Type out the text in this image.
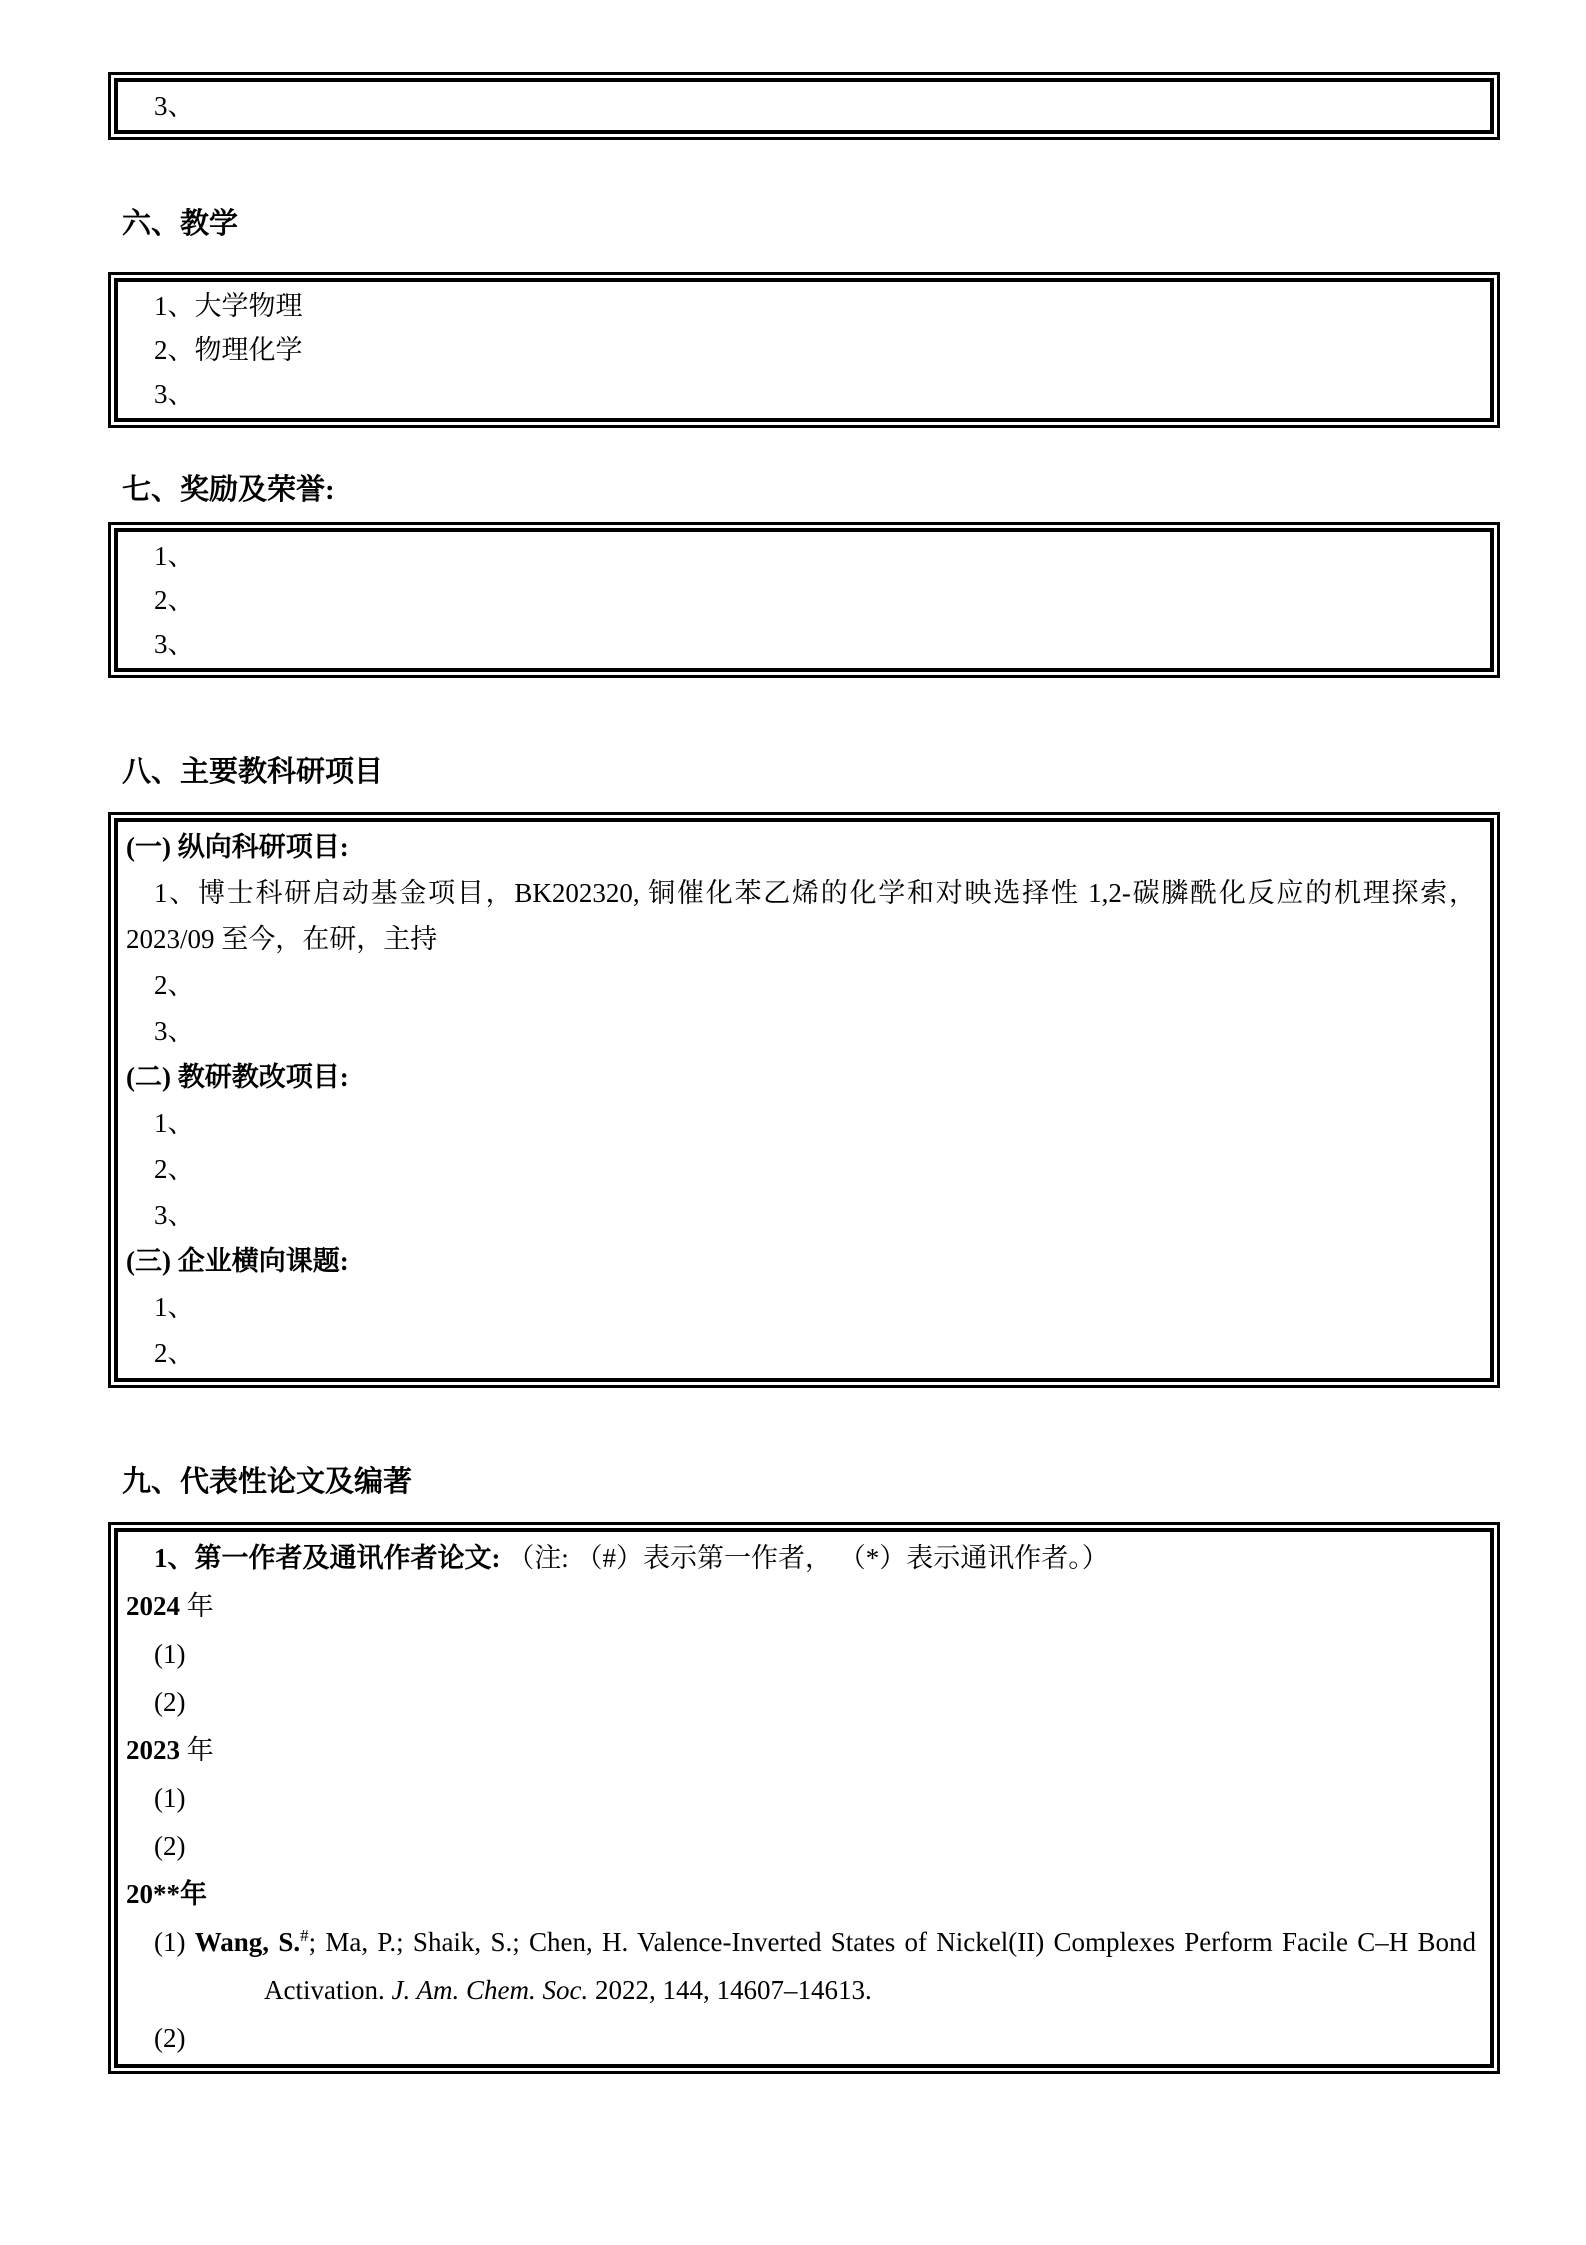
3、
六、教学
1、大学物理
2、物理化学
3、
七、奖励及荣誉:
1、
2、
3、
八、主要教科研项目
(一) 纵向科研项目:
1、博士科研启动基金项目，BK202320, 铜催化苯乙烯的化学和对映选择性 1,2-碳膦酰化反应的机理探索，2023/09 至今，在研，主持
2、
3、
(二) 教研教改项目:
1、
2、
3、
(三) 企业横向课题:
1、
2、
九、代表性论文及编著
1、第一作者及通讯作者论文: （注: （#）表示第一作者， （*）表示通讯作者。）
2024 年
(1)
(2)
2023 年
(1)
(2)
20**年
(1) Wang, S.#; Ma, P.; Shaik, S.; Chen, H. Valence-Inverted States of Nickel(II) Complexes Perform Facile C–H Bond Activation. J. Am. Chem. Soc. 2022, 144, 14607–14613.
(2)
